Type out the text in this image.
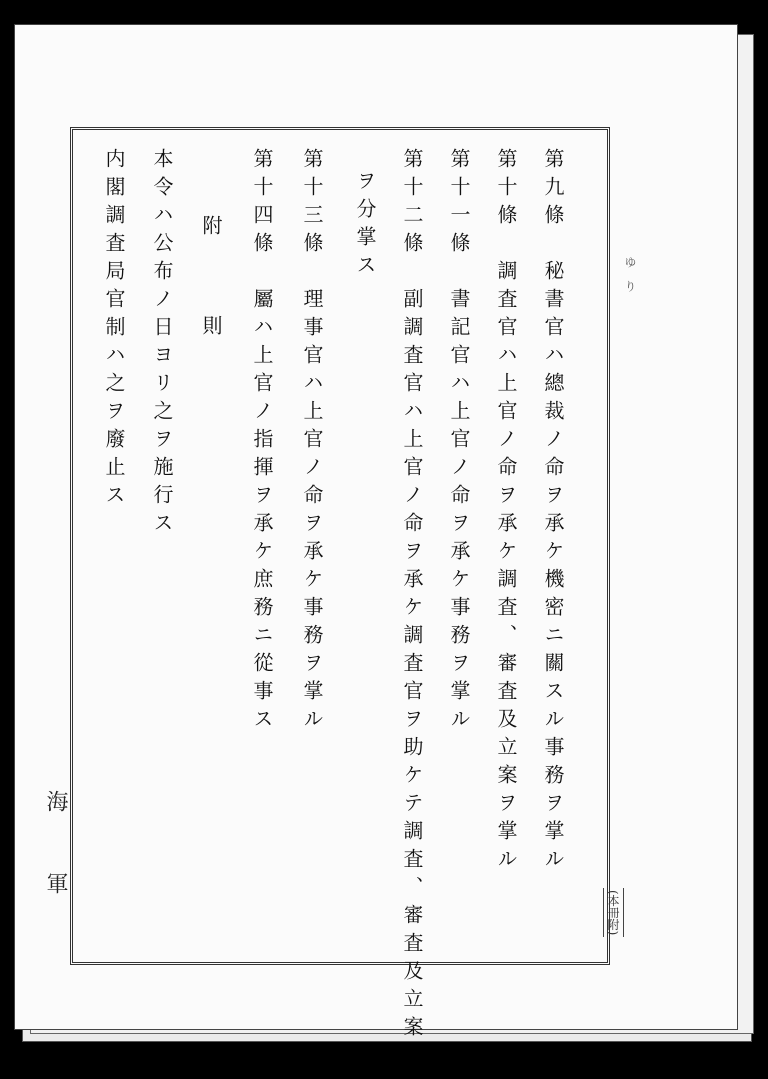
第九條　秘書官ハ總裁ノ命ヲ承ケ機密ニ關スル事務ヲ掌ル
第十條　調査官ハ上官ノ命ヲ承ケ調査、審査及立案ヲ掌ル
第十一條　書記官ハ上官ノ命ヲ承ケ事務ヲ掌ル
第十二條　副調査官ハ上官ノ命ヲ承ケ調査官ヲ助ケテ調査、審査及立案
ヲ分掌ス
第十三條　理事官ハ上官ノ命ヲ承ケ事務ヲ掌ル
第十四條　屬ハ上官ノ指揮ヲ承ケ庶務ニ從事ス
附　則
本令ハ公布ノ日ヨリ之ヲ施行ス
内閣調査局官制ハ之ヲ廢止ス
海軍	(本冊附)
ゆ　り
